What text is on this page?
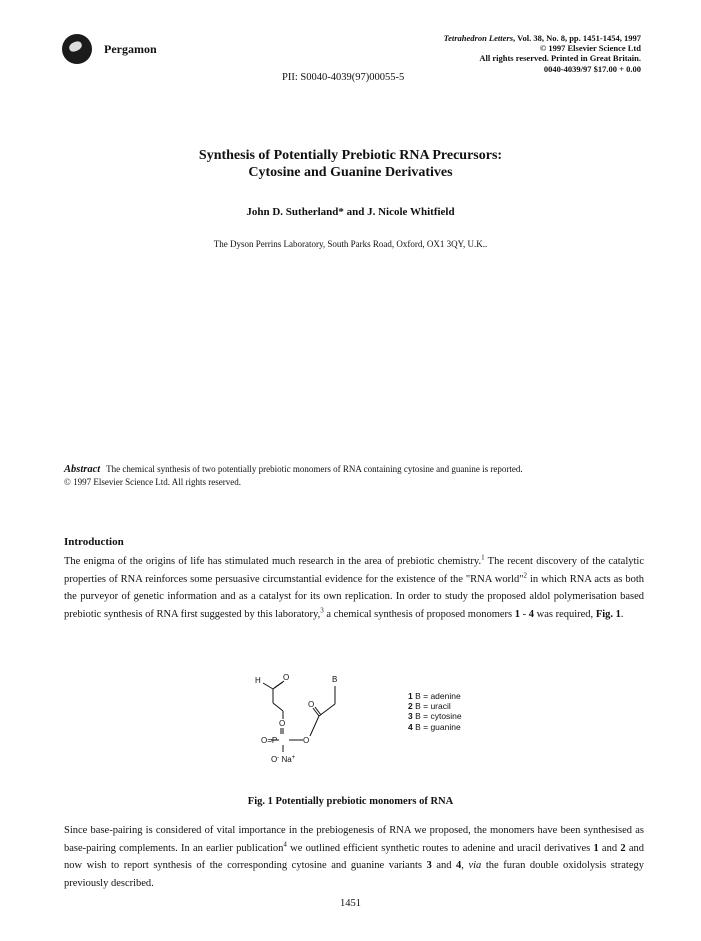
Pergamon
Tetrahedron Letters, Vol. 38, No. 8, pp. 1451-1454, 1997
© 1997 Elsevier Science Ltd
All rights reserved. Printed in Great Britain.
0040-4039/97 $17.00 + 0.00
PII: S0040-4039(97)00055-5
Synthesis of Potentially Prebiotic RNA Precursors:
Cytosine and Guanine Derivatives
John D. Sutherland* and J. Nicole Whitfield
The Dyson Perrins Laboratory, South Parks Road, Oxford, OX1 3QY, U.K..
Abstract The chemical synthesis of two potentially prebiotic monomers of RNA containing cytosine and guanine is reported.
© 1997 Elsevier Science Ltd. All rights reserved.
Introduction
The enigma of the origins of life has stimulated much research in the area of prebiotic chemistry.$^1$ The recent discovery of the catalytic properties of RNA reinforces some persuasive circumstantial evidence for the existence of the "RNA world"$^2$ in which RNA acts as both the purveyor of genetic information and as a catalyst for its own replication. In order to study the proposed aldol polymerisation based prebiotic synthesis of RNA first suggested by this laboratory,$^3$ a chemical synthesis of proposed monomers 1 - 4 was required, Fig. 1.
H	O	B
O
O
O=P	O
O- Na+
1 B = adenine
2 B = uracil
3 B = cytosine
4 B = guanine
Fig. 1 Potentially prebiotic monomers of RNA
Since base-pairing is considered of vital importance in the prebiogenesis of RNA we proposed, the monomers have been synthesised as base-pairing complements. In an earlier publication$^4$ we outlined efficient synthetic routes to adenine and uracil derivatives 1 and 2 and now wish to report synthesis of the corresponding cytosine and guanine variants 3 and 4, via the furan double oxidolysis strategy previously described.
1451
